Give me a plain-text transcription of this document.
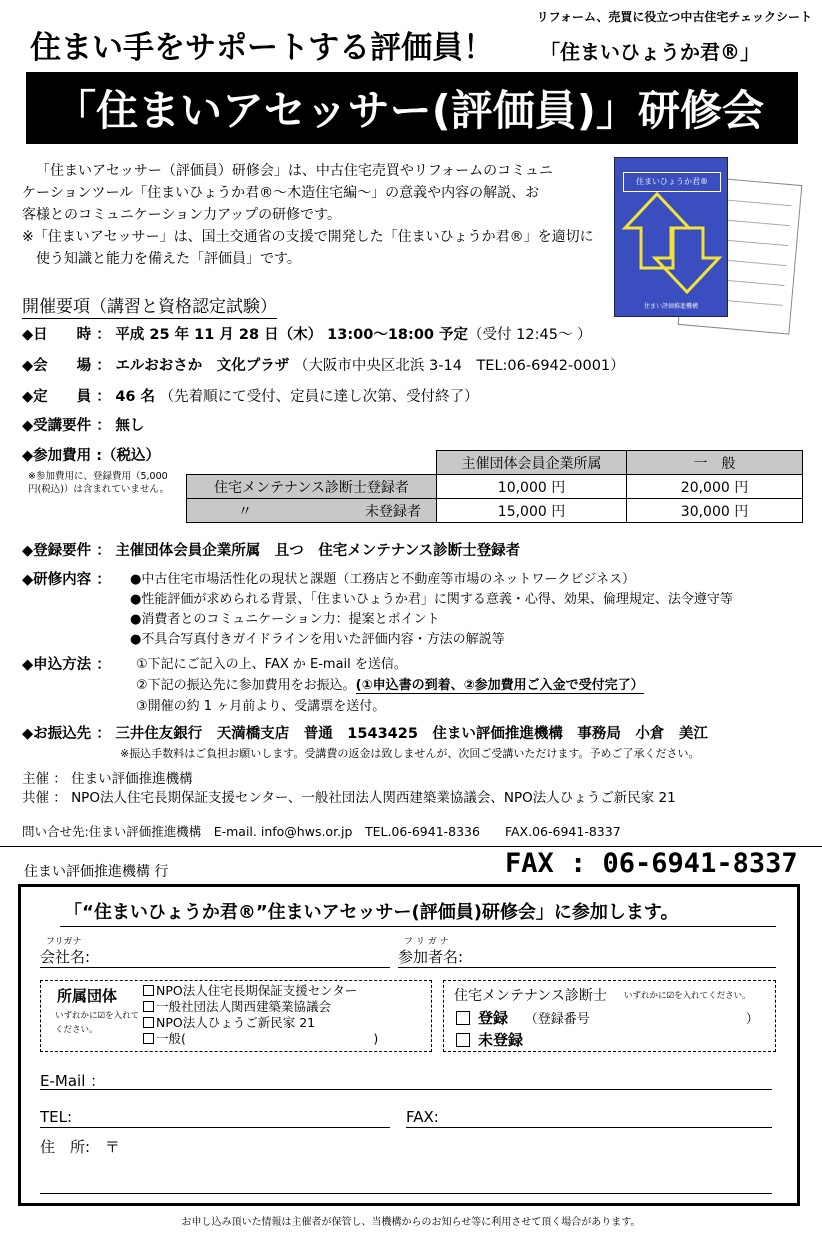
リフォーム、売買に役立つ中古住宅チェックシート
住まい手をサポートする評価員！ 「住まいひょうか君®」
「住まいアセッサー(評価員)」研修会

「住まいアセッサー（評価員）研修会」は、中古住宅売買やリフォームのコミュニ

ケーションツール「住まいひょうか君®～木造住宅編～」の意義や内容の解説、お

客様とのコミュニケーション力アップの研修です。

※「住まいアセッサー」は、国土交通省の支援で開発した「住まいひょうか君®」を適切に

使う知識と能力を備えた「評価員」です。

住まいひょうか君®
住まい評価推進機構
開催要項（講習と資格認定試験）
◆日　　時 ： 平成 25 年 11 月 28 日（木） 13:00～18:00 予定（受付 12:45～ ）
◆会　　場 ： エルおおさか　文化プラザ （大阪市中央区北浜 3-14　TEL:06-6942-0001）
◆定　　員 ： 46 名 （先着順にて受付、定員に達し次第、受付終了）
◆受講要件 ： 無し
◆参加費用 :（税込）
※参加費用に、登録費用（5,000 円(税込)）は含まれていません。
	主催団体会員企業所属	一　般
住宅メンテナンス診断士登録者	10,000 円	20,000 円
〃 未登録者	15,000 円	30,000 円
◆登録要件 ： 主催団体会員企業所属　且つ　住宅メンテナンス診断士登録者
◆研修内容 ： ●中古住宅市場活性化の現状と課題（工務店と不動産等市場のネットワークビジネス）
●性能評価が求められる背景、「住まいひょうか君」に関する意義・心得、効果、倫理規定、法令遵守等
●消費者とのコミュニケーション力：提案とポイント
●不具合写真付きガイドラインを用いた評価内容・方法の解説等
◆申込方法 ： ①下記にご記入の上、FAX か E-mail を送信。
②下記の振込先に参加費用をお振込。(①申込書の到着、②参加費用ご入金で受付完了）
③開催の約 1 ヶ月前より、受講票を送付。
◆お振込先 ： 三井住友銀行　天満橋支店　普通　1543425　住まい評価推進機構　事務局　小倉　美江
※振込手数料はご負担お願いします。受講費の返金は致しませんが、次回ご受講いただけます。予めご了承ください。
主催 ： 住まい評価推進機構
共催 ： NPO法人住宅長期保証支援センター、一般社団法人関西建築業協議会、NPO法人ひょうご新民家 21
問い合せ先:住まい評価推進機構　E-mail. info@hws.or.jp　TEL.06-6941-8336　　FAX.06-6941-8337
住まい評価推進機構 行	FAX : 06-6941-8337
「“住まいひょうか君®”住まいアセッサー(評価員)研修会」に参加します。
フリガナ
会社名:
フ リ ガ ナ
参加者名:
所属団体
いずれかに☑を入れてください。
NPO法人住宅長期保証支援センター
一般社団法人関西建築業協議会
NPO法人ひょうご新民家 21
一般(　　　　　　　　　　　　　　　)
住宅メンテナンス診断士 いずれかに☑を入れてください。
登録 （登録番号　　　　　　　　　　　　）
未登録
E-Mail ：
TEL:	FAX:
住　所: 〒
お申し込み頂いた情報は主催者が保管し、当機構からのお知らせ等に利用させて頂く場合があります。
